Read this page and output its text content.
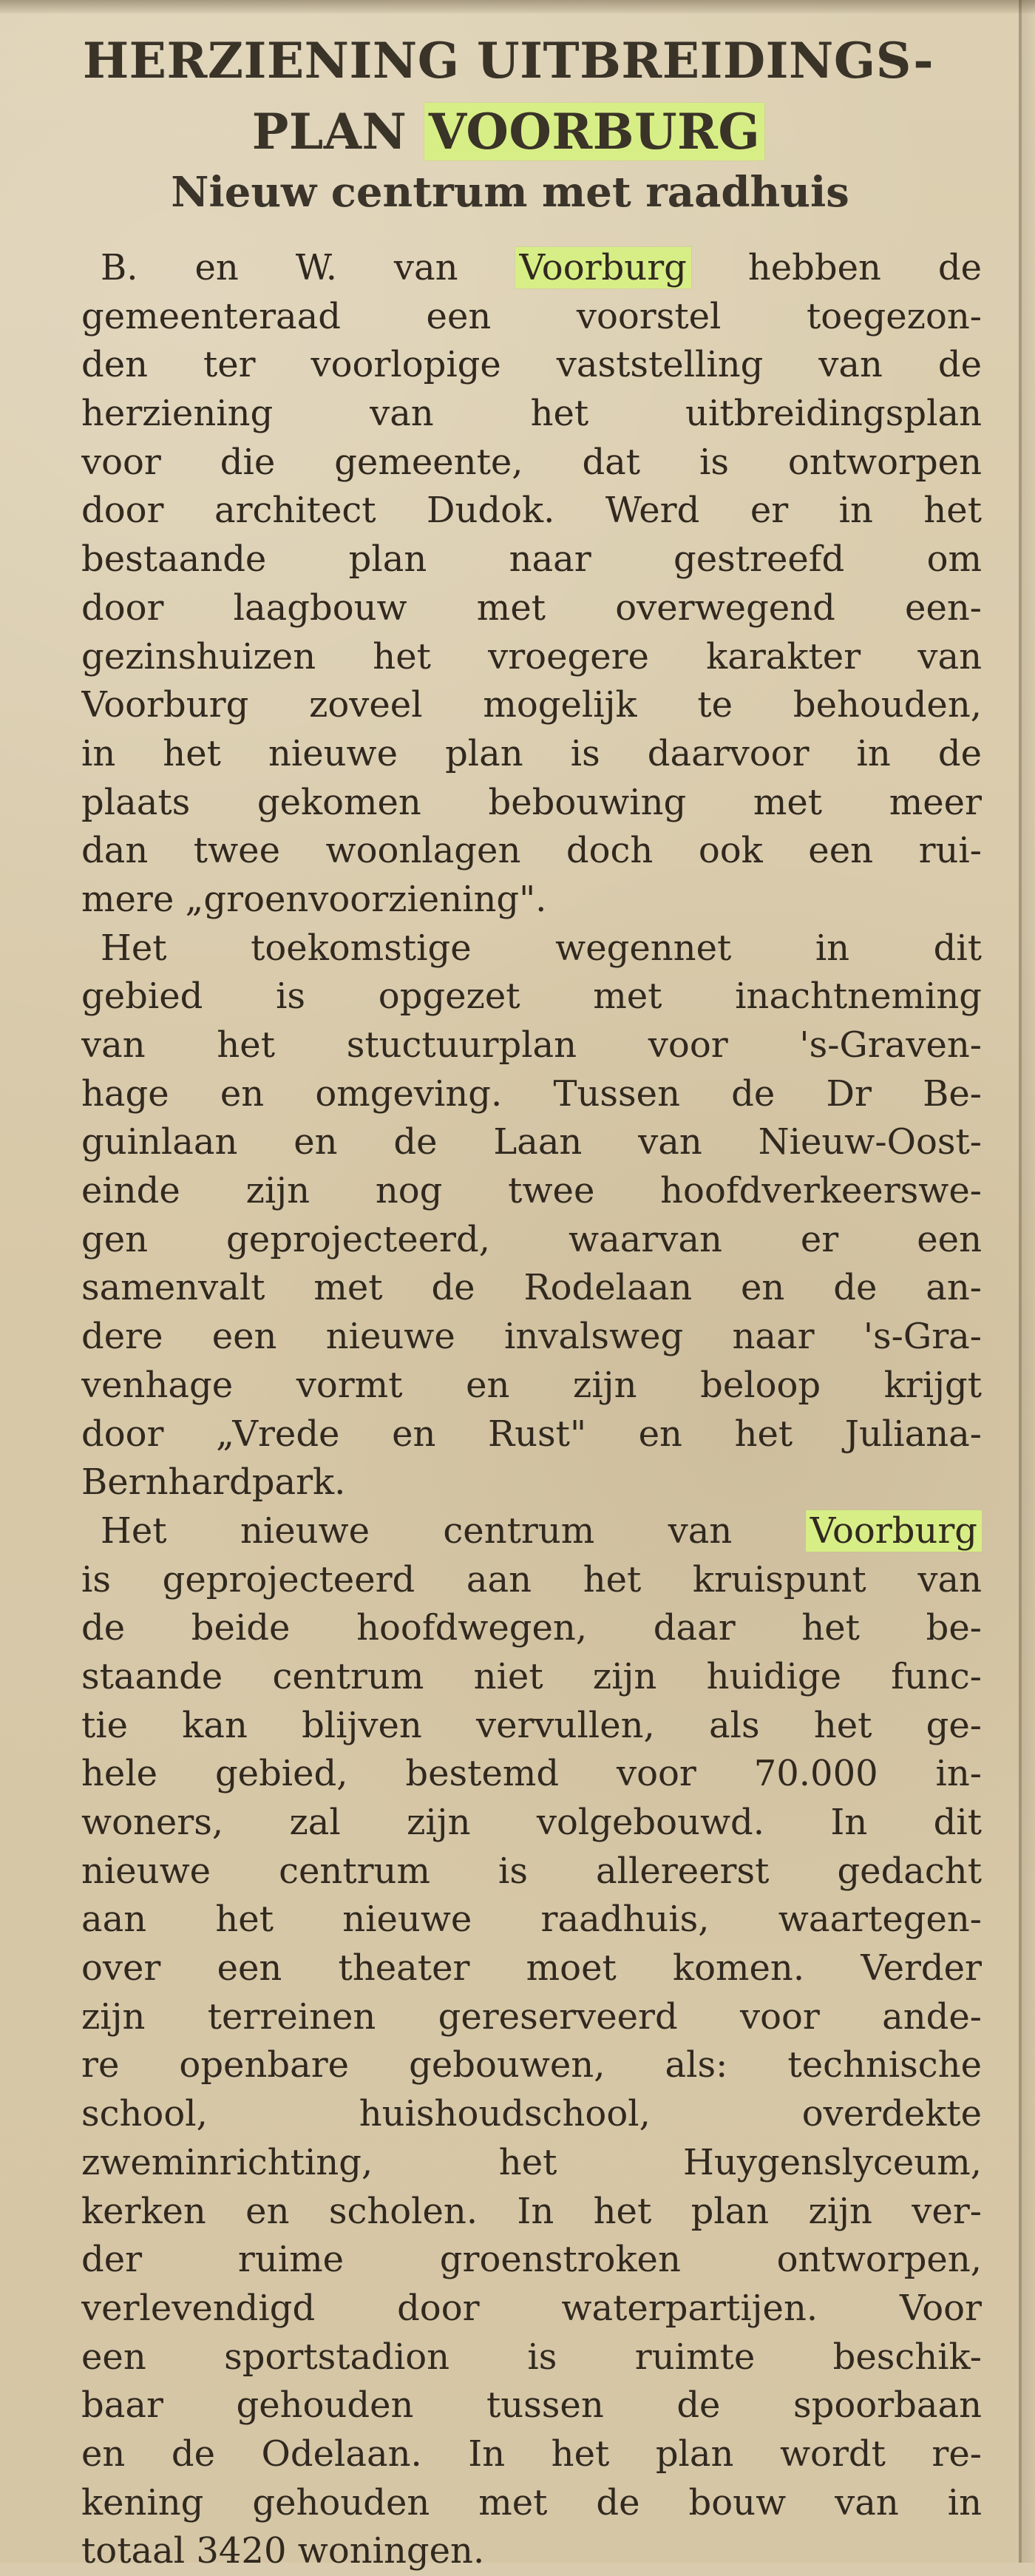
HERZIENING UITBREIDINGS-
PLAN VOORBURG
Nieuw centrum met raadhuis
B. en W. van Voorburg hebben de
gemeenteraad een voorstel toegezon-
den ter voorlopige vaststelling van de
herziening van het uitbreidingsplan
voor die gemeente, dat is ontworpen
door architect Dudok. Werd er in het
bestaande plan naar gestreefd om
door laagbouw met overwegend een-
gezinshuizen het vroegere karakter van
Voorburg zoveel mogelijk te behouden,
in het nieuwe plan is daarvoor in de
plaats gekomen bebouwing met meer
dan twee woonlagen doch ook een rui-
mere „groenvoorziening".
Het toekomstige wegennet in dit
gebied is opgezet met inachtneming
van het stuctuurplan voor 's-Graven-
hage en omgeving. Tussen de Dr Be-
guinlaan en de Laan van Nieuw-Oost-
einde zijn nog twee hoofdverkeerswe-
gen geprojecteerd, waarvan er een
samenvalt met de Rodelaan en de an-
dere een nieuwe invalsweg naar 's-Gra-
venhage vormt en zijn beloop krijgt
door „Vrede en Rust" en het Juliana-
Bernhardpark.
Het nieuwe centrum van Voorburg
is geprojecteerd aan het kruispunt van
de beide hoofdwegen, daar het be-
staande centrum niet zijn huidige func-
tie kan blijven vervullen, als het ge-
hele gebied, bestemd voor 70.000 in-
woners, zal zijn volgebouwd. In dit
nieuwe centrum is allereerst gedacht
aan het nieuwe raadhuis, waartegen-
over een theater moet komen. Verder
zijn terreinen gereserveerd voor ande-
re openbare gebouwen, als: technische
school, huishoudschool, overdekte
zweminrichting, het Huygenslyceum,
kerken en scholen. In het plan zijn ver-
der ruime groenstroken ontworpen,
verlevendigd door waterpartijen. Voor
een sportstadion is ruimte beschik-
baar gehouden tussen de spoorbaan
en de Odelaan. In het plan wordt re-
kening gehouden met de bouw van in
totaal 3420 woningen.
